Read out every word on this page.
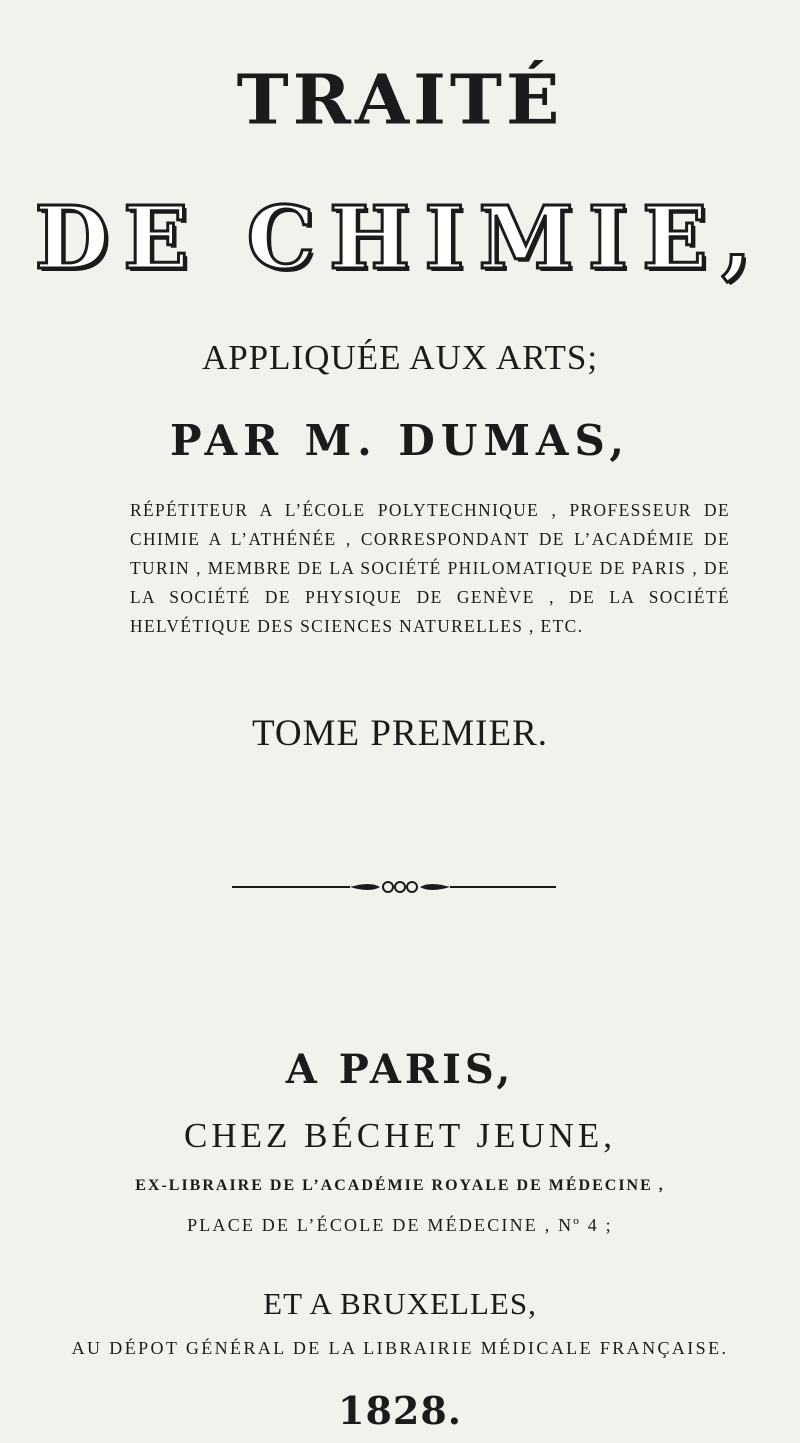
TRAITÉ
DE CHIMIE,
APPLIQUÉE AUX ARTS;
PAR M. DUMAS,
RÉPÉTITEUR A L’ÉCOLE POLYTECHNIQUE , PROFESSEUR DE CHIMIE A L’ATHÉNÉE , CORRESPONDANT DE L’ACADÉMIE DE TURIN , MEMBRE DE LA SOCIÉTÉ PHILOMATIQUE DE PARIS , DE LA SOCIÉTÉ DE PHYSIQUE DE GENÈVE , DE LA SOCIÉTÉ HELVÉTIQUE DES SCIENCES NATURELLES , ETC.
TOME PREMIER.
A PARIS,
CHEZ BÉCHET JEUNE,
EX-LIBRAIRE DE L’ACADÉMIE ROYALE DE MÉDECINE ,
PLACE DE L’ÉCOLE DE MÉDECINE , Nº 4 ;
ET A BRUXELLES,
AU DÉPOT GÉNÉRAL DE LA LIBRAIRIE MÉDICALE FRANÇAISE.
1828.
